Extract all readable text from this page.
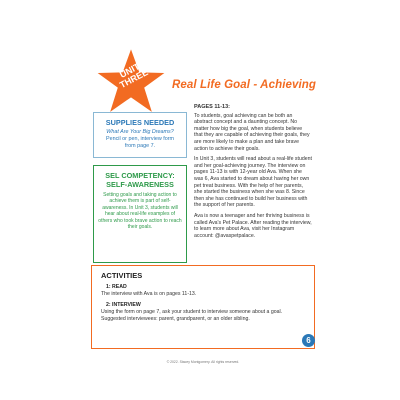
UNIT THREE	Real Life Goal - Achieving
SUPPLIES NEEDED
What Are Your Big Dreams?
Pencil or pen, interview form
from page 7.
SEL COMPETENCY:
SELF-AWARENESS
Setting goals and taking action to achieve them is part of self-awareness. In Unit 3, students will hear about real-life examples of others who took brave action to reach their goals.
PAGES 11-13:

To students, goal achieving can be both an abstract concept and a daunting concept. No matter how big the goal, when students believe that they are capable of achieving their goals, they are more likely to make a plan and take brave action to achieve their goals.

In Unit 3, students will read about a real-life student and her goal-achieving journey. The interview on pages 11-13 is with 12-year old Ava. When she was 6, Ava started to dream about having her own pet treat business. With the help of her parents, she started the business when she was 8. Since then she has continued to build her business with the support of her parents.

Ava is now a teenager and her thriving business is called Ava's Pet Palace. After reading the interview, to learn more about Ava, visit her Instagram account: @avaspetpalace.

ACTIVITIES
1: READ
The interview with Ava is on pages 11-13.
2: INTERVIEW
Using the form on page 7, ask your student to interview someone about a goal. Suggested interviewees: parent, grandparent, or an older sibling.
6
© 2022. Stacey Montgomery. All rights reserved.
